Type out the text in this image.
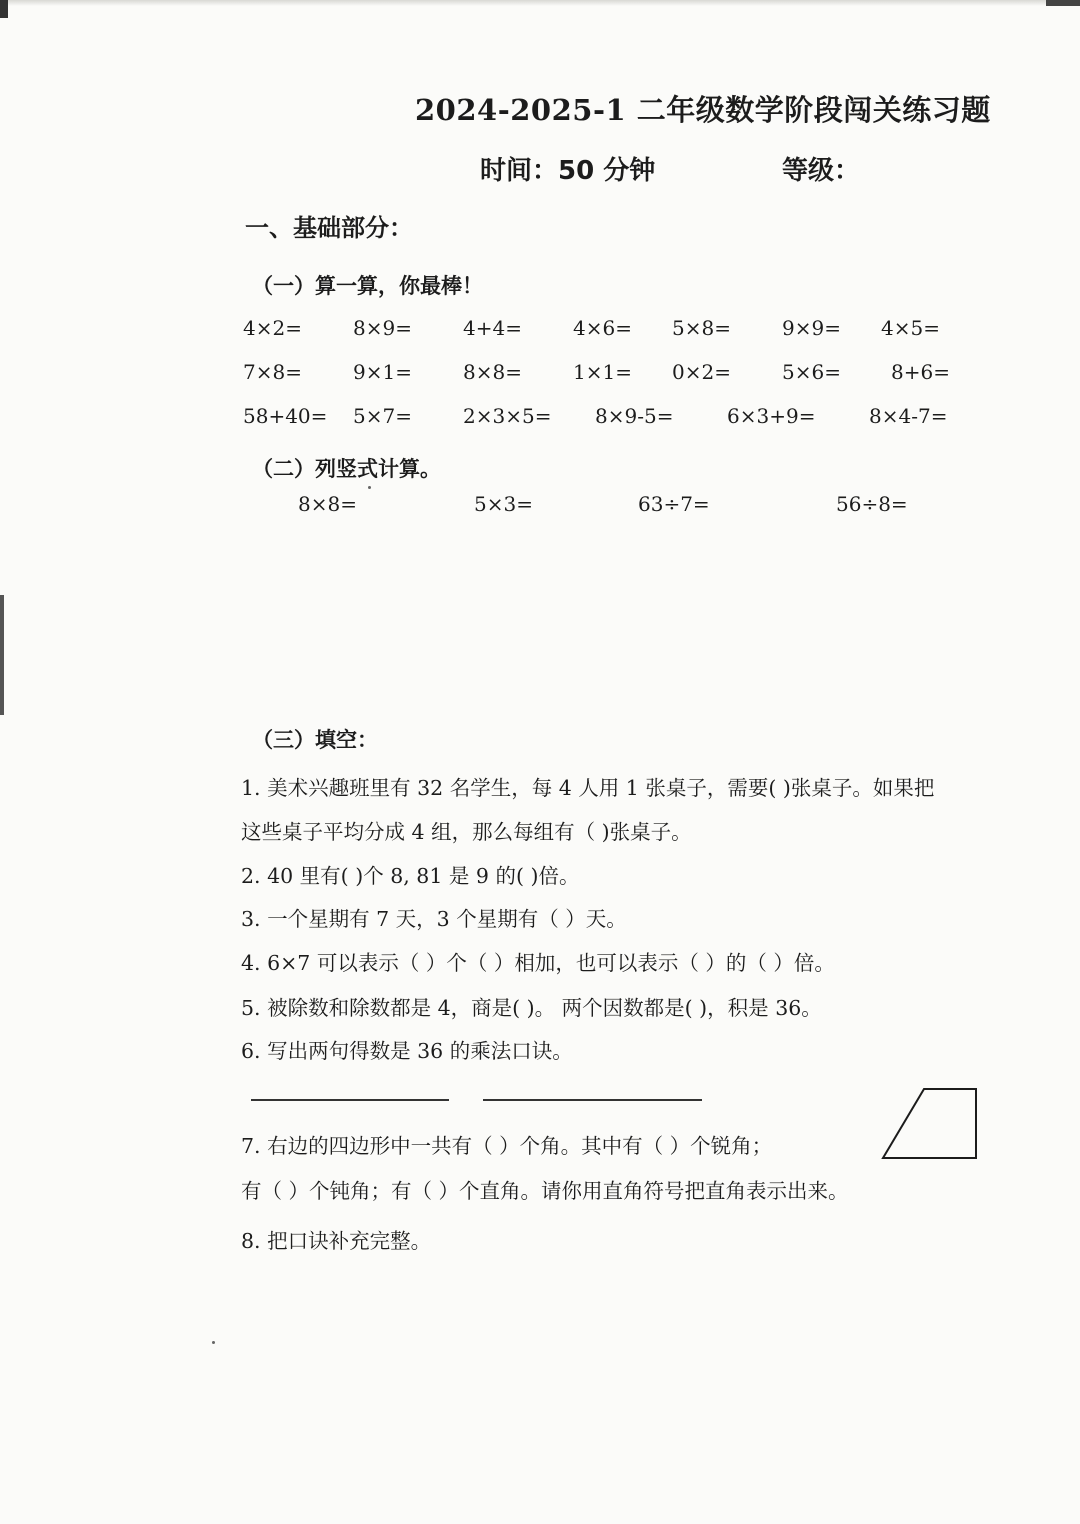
2024-2025-1 二年级数学阶段闯关练习题
时间：50 分钟	等级：
一、基础部分：
（一）算一算，你最棒！
4×2=	8×9=	4+4=	4×6= 5×8=	9×9= 4×5=
7×8=	9×1=	8×8=	1×1= 0×2=	5×6=	8+6=
58+40= 5×7=	2×3×5= 8×9-5=	6×3+9=	8×4-7=
（二）列竖式计算。
8×8=	5×3=	63÷7=	56÷8=
（三）填空：
1. 美术兴趣班里有 32 名学生，每 4 人用 1 张桌子，需要( )张桌子。如果把
这些桌子平均分成 4 组，那么每组有（ )张桌子。
2. 40 里有( )个 8, 81 是 9 的( )倍。
3. 一个星期有 7 天，3 个星期有（ ）天。
4. 6×7 可以表示（ ）个（ ）相加，也可以表示（ ）的（ ）倍。
5. 被除数和除数都是 4，商是( )。 两个因数都是( )，积是 36。
6. 写出两句得数是 36 的乘法口诀。
7. 右边的四边形中一共有（ ）个角。其中有（ ）个锐角；
有（ ）个钝角；有（ ）个直角。请你用直角符号把直角表示出来。
8. 把口诀补充完整。
